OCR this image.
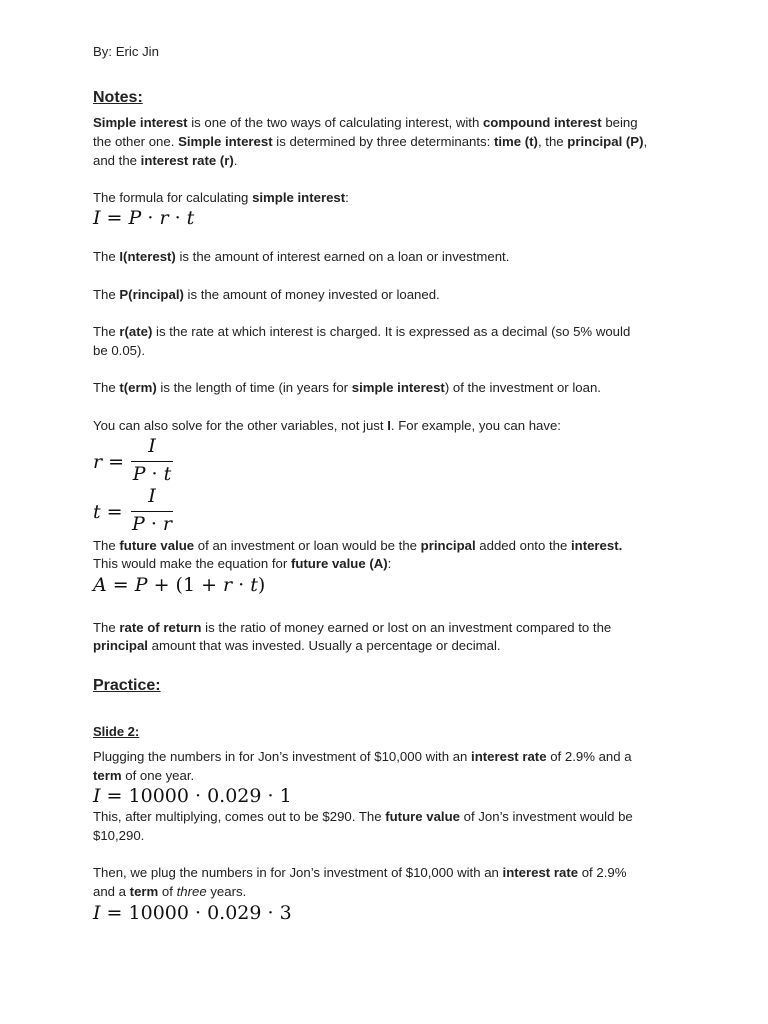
By: Eric Jin
Notes:
Simple interest is one of the two ways of calculating interest, with compound interest being
the other one. Simple interest is determined by three determinants: time (t), the principal (P),
and the interest rate (r).
The formula for calculating simple interest:
I = P · r · t
The I(nterest) is the amount of interest earned on a loan or investment.
The P(rincipal) is the amount of money invested or loaned.
The r(ate) is the rate at which interest is charged. It is expressed as a decimal (so 5% would
be 0.05).
The t(erm) is the length of time (in years for simple interest) of the investment or loan.
You can also solve for the other variables, not just I. For example, you can have:
r =
I
P · t
t =
I
P · r
The future value of an investment or loan would be the principal added onto the interest.
This would make the equation for future value (A):
A = P + (1 + r · t)
The rate of return is the ratio of money earned or lost on an investment compared to the
principal amount that was invested. Usually a percentage or decimal.
Practice:
Slide 2:
Plugging the numbers in for Jon’s investment of $10,000 with an interest rate of 2.9% and a
term of one year.
I = 10000 · 0.029 · 1
This, after multiplying, comes out to be $290. The future value of Jon’s investment would be
$10,290.
Then, we plug the numbers in for Jon’s investment of $10,000 with an interest rate of 2.9%
and a term of three years.
I = 10000 · 0.029 · 3
